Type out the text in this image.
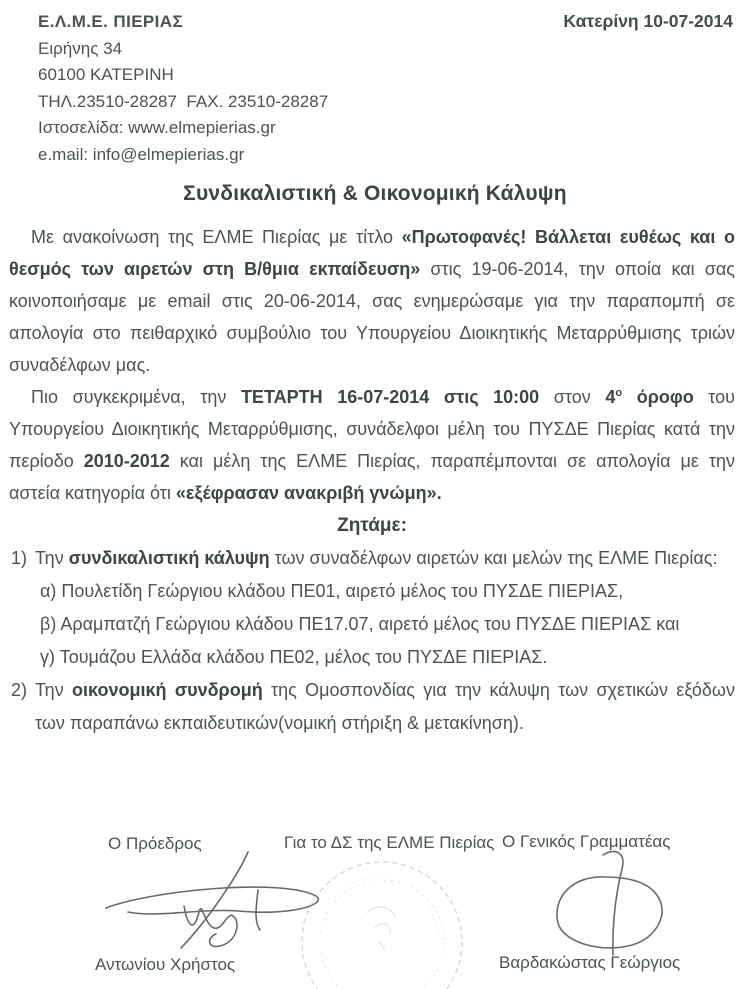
Ε.Λ.Μ.Ε. ΠΙΕΡΙΑΣ
Ειρήνης 34
60100 ΚΑΤΕΡΙΝΗ
ΤΗΛ.23510-28287  FAX. 23510-28287
Ιστοσελίδα: www.elmepierias.gr
e.mail: info@elmepierias.gr
Κατερίνη 10-07-2014
Συνδικαλιστική & Οικονομική Κάλυψη

Με ανακοίνωση της ΕΛΜΕ Πιερίας με τίτλο «Πρωτοφανές! Βάλλεται ευθέως και ο θεσμός των αιρετών στη Β/θμια εκπαίδευση» στις 19-06-2014, την οποία και σας κοινοποιήσαμε με email στις 20-06-2014, σας ενημερώσαμε για την παραπομπή σε απολογία στο πειθαρχικό συμβούλιο του Υπουργείου Διοικητικής Μεταρρύθμισης τριών συναδέλφων μας.

Πιο συγκεκριμένα, την ΤΕΤΑΡΤΗ 16-07-2014 στις 10:00 στον $4^o$ όροφο του Υπουργείου Διοικητικής Μεταρρύθμισης, συνάδελφοι μέλη του ΠΥΣΔΕ Πιερίας κατά την περίοδο 2010-2012 και μέλη της ΕΛΜΕ Πιερίας, παραπέμπονται σε απολογία με την αστεία κατηγορία ότι «εξέφρασαν ανακριβή γνώμη».

Ζητάμε:
1) Την συνδικαλιστική κάλυψη των συναδέλφων αιρετών και μελών της ΕΛΜΕ Πιερίας:
α) Πουλετίδη Γεώργιου κλάδου ΠΕ01, αιρετό μέλος του ΠΥΣΔΕ ΠΙΕΡΙΑΣ,
β) Αραμπατζή Γεώργιου κλάδου ΠΕ17.07, αιρετό μέλος του ΠΥΣΔΕ ΠΙΕΡΙΑΣ και
γ) Τουμάζου Ελλάδα κλάδου ΠΕ02, μέλος του ΠΥΣΔΕ ΠΙΕΡΙΑΣ.
2) Την οικονομική συνδρομή της Ομοσπονδίας για την κάλυψη των σχετικών εξόδων των παραπάνω εκπαιδευτικών(νομική στήριξη & μετακίνηση).
Ο Πρόεδρος	Για το ΔΣ της ΕΛΜΕ Πιερίας Ο Γενικός Γραμματέας
Αντωνίου Χρήστος	Βαρδακώστας Γεώργιος
